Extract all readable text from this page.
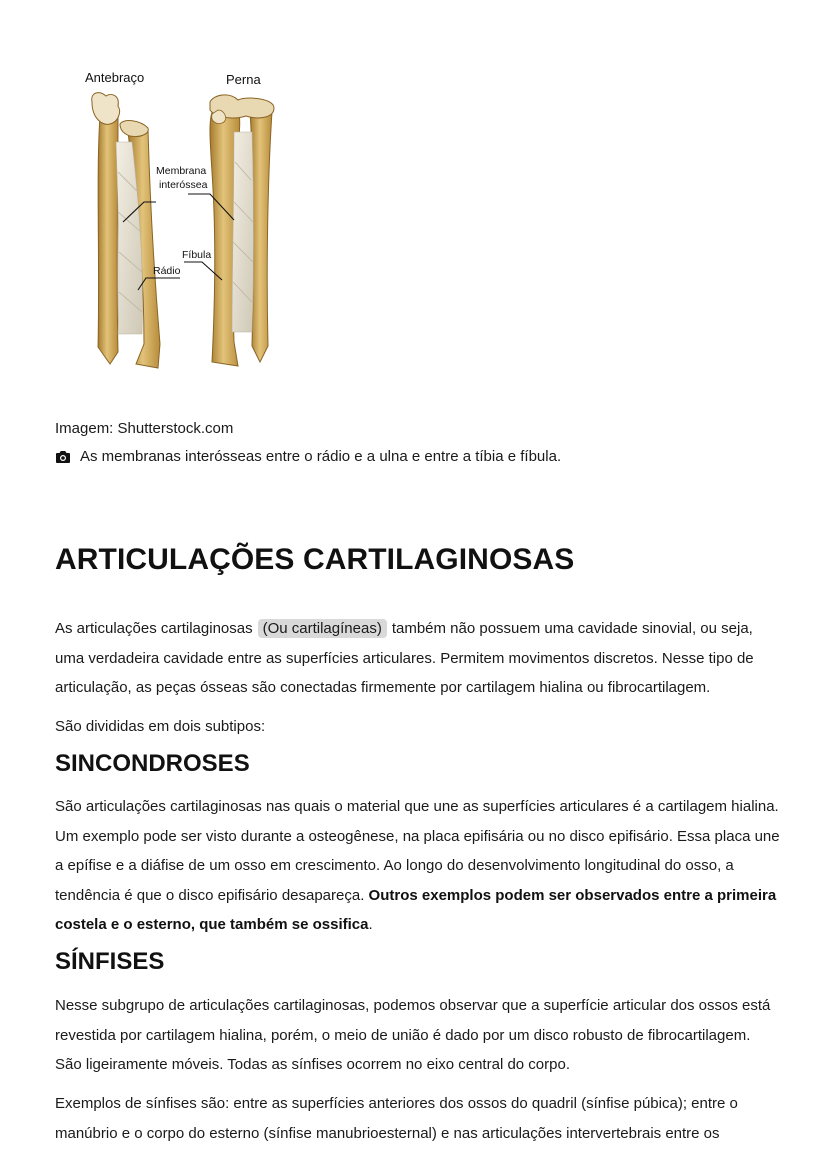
Antebraço	Perna
Membrana
interóssea
Fíbula
Rádio
Imagem: Shutterstock.com
As membranas interósseas entre o rádio e a ulna e entre a tíbia e fíbula.
ARTICULAÇÕES CARTILAGINOSAS

As articulações cartilaginosas (Ou cartilagíneas) também não possuem uma cavidade sinovial, ou seja, uma verdadeira cavidade entre as superfícies articulares. Permitem movimentos discretos. Nesse tipo de articulação, as peças ósseas são conectadas firmemente por cartilagem hialina ou fibrocartilagem.

São divididas em dois subtipos:

SINCONDROSES

São articulações cartilaginosas nas quais o material que une as superfícies articulares é a cartilagem hialina. Um exemplo pode ser visto durante a osteogênese, na placa epifisária ou no disco epifisário. Essa placa une a epífise e a diáfise de um osso em crescimento. Ao longo do desenvolvimento longitudinal do osso, a tendência é que o disco epifisário desapareça. Outros exemplos podem ser observados entre a primeira costela e o esterno, que também se ossifica.

SÍNFISES

Nesse subgrupo de articulações cartilaginosas, podemos observar que a superfície articular dos ossos está revestida por cartilagem hialina, porém, o meio de união é dado por um disco robusto de fibrocartilagem. São ligeiramente móveis. Todas as sínfises ocorrem no eixo central do corpo.

Exemplos de sínfises são: entre as superfícies anteriores dos ossos do quadril (sínfise púbica); entre o manúbrio e o corpo do esterno (sínfise manubrioesternal) e nas articulações intervertebrais entre os
